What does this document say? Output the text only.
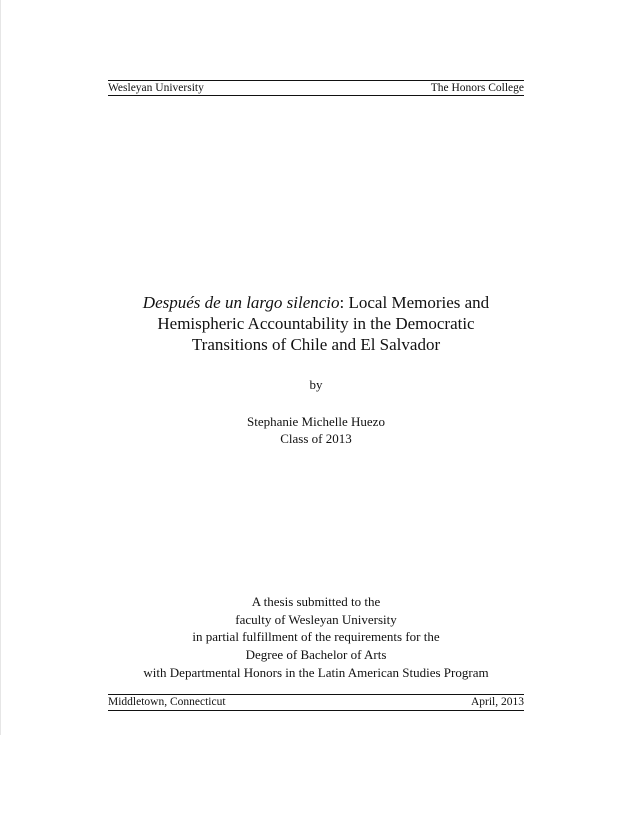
Wesleyan University	The Honors College
Después de un largo silencio: Local Memories and
Hemispheric Accountability in the Democratic
Transitions of Chile and El Salvador
by
Stephanie Michelle Huezo
Class of 2013
A thesis submitted to the
faculty of Wesleyan University
in partial fulfillment of the requirements for the
Degree of Bachelor of Arts
with Departmental Honors in the Latin American Studies Program
Middletown, Connecticut	April, 2013
